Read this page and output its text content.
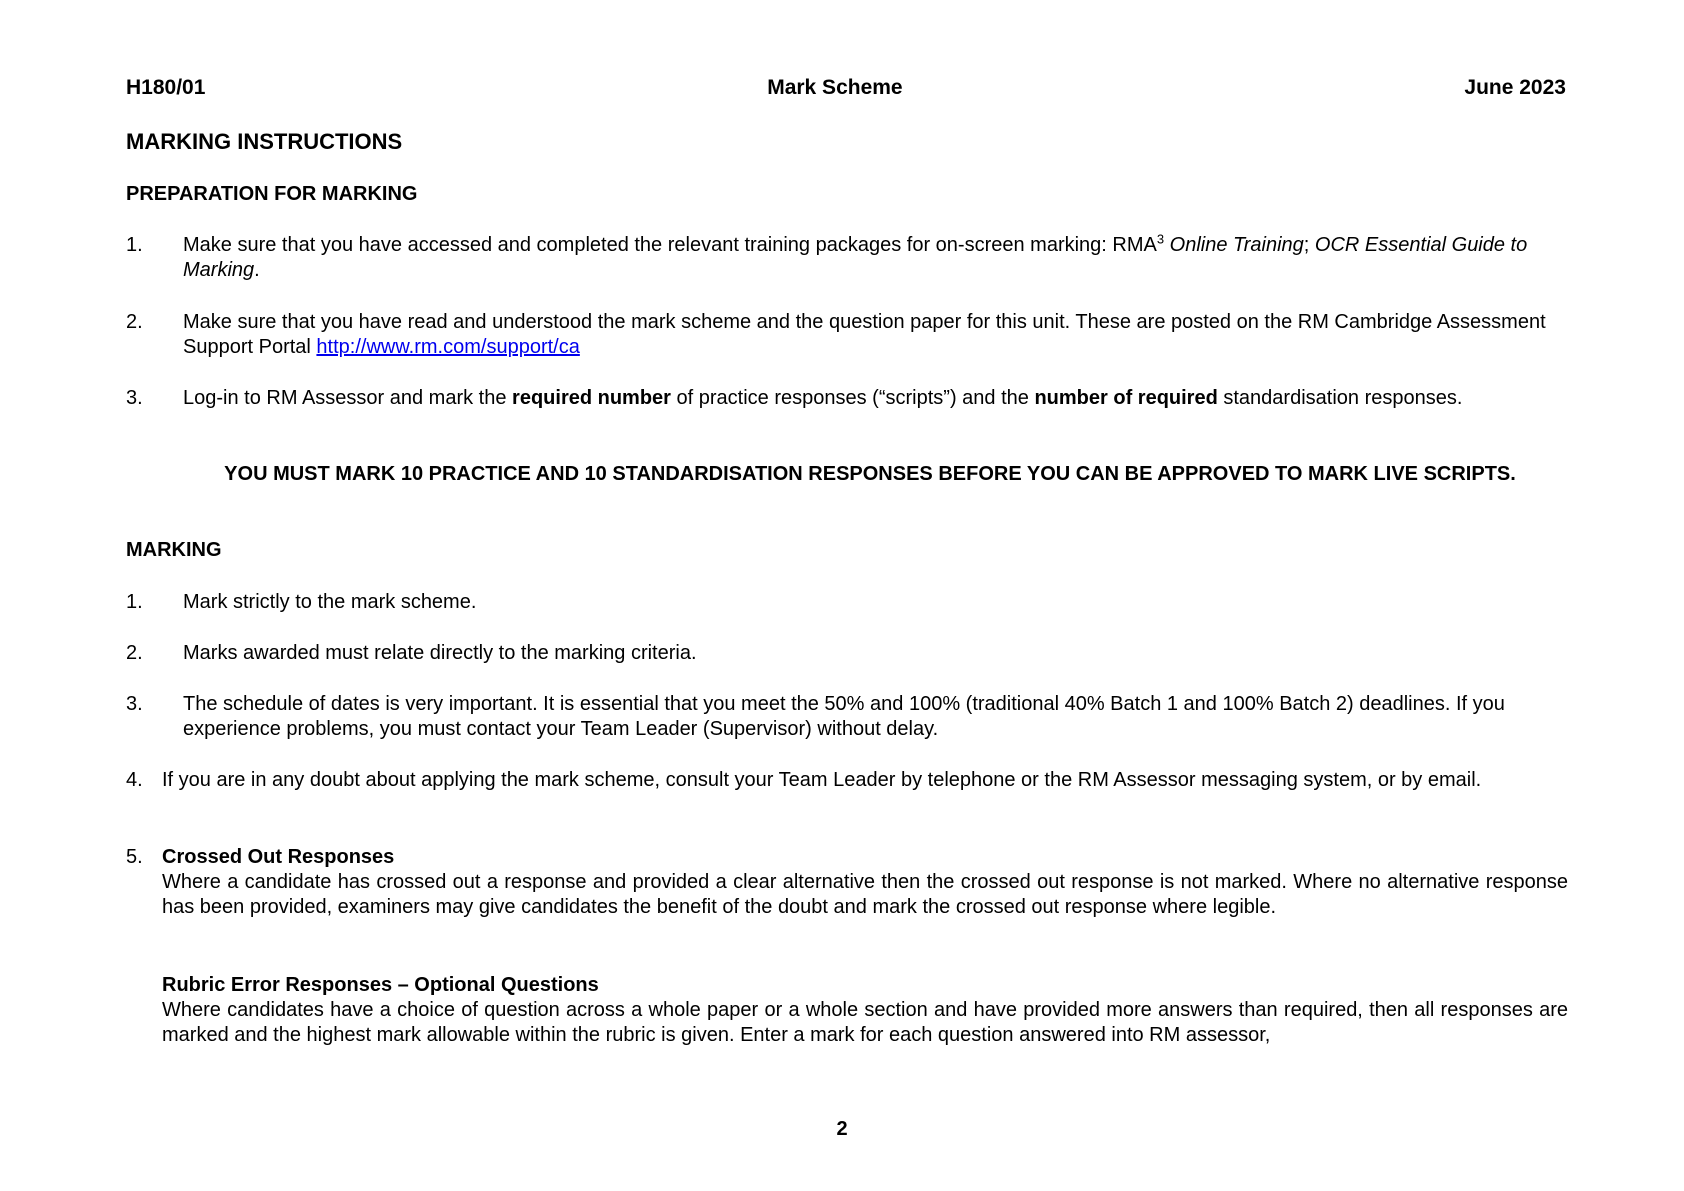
H180/01	Mark Scheme	June 2023
MARKING INSTRUCTIONS
PREPARATION FOR MARKING
1.	Make sure that you have accessed and completed the relevant training packages for on-screen marking: RMA$^3$ Online Training; OCR Essential Guide to Marking.
2.	Make sure that you have read and understood the mark scheme and the question paper for this unit. These are posted on the RM Cambridge Assessment Support Portal http://www.rm.com/support/ca
3.	Log-in to RM Assessor and mark the required number of practice responses (“scripts”) and the number of required standardisation responses.
YOU MUST MARK 10 PRACTICE AND 10 STANDARDISATION RESPONSES BEFORE YOU CAN BE APPROVED TO MARK LIVE SCRIPTS.
MARKING
1.	Mark strictly to the mark scheme.
2.	Marks awarded must relate directly to the marking criteria.
3.	The schedule of dates is very important. It is essential that you meet the 50% and 100% (traditional 40% Batch 1 and 100% Batch 2) deadlines. If you experience problems, you must contact your Team Leader (Supervisor) without delay.
4. If you are in any doubt about applying the mark scheme, consult your Team Leader by telephone or the RM Assessor messaging system, or by email.
5. Crossed Out Responses
Where a candidate has crossed out a response and provided a clear alternative then the crossed out response is not marked. Where no alternative response has been provided, examiners may give candidates the benefit of the doubt and mark the crossed out response where legible.
Rubric Error Responses – Optional Questions
Where candidates have a choice of question across a whole paper or a whole section and have provided more answers than required, then all responses are marked and the highest mark allowable within the rubric is given. Enter a mark for each question answered into RM assessor,
2
